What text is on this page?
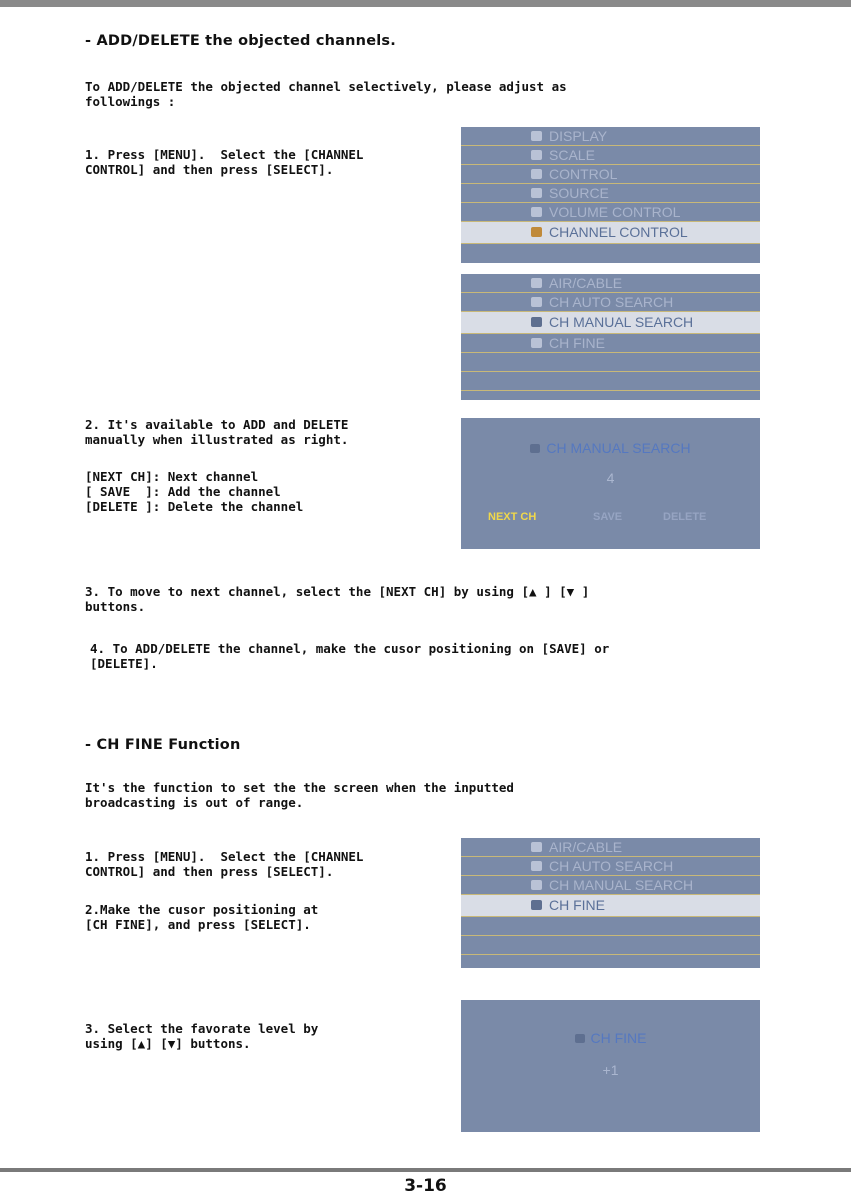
- ADD/DELETE the objected channels.
To ADD/DELETE the objected channel selectively, please adjust as
followings :
1. Press [MENU].  Select the [CHANNEL
CONTROL] and then press [SELECT].
DISPLAY
SCALE
CONTROL
SOURCE
VOLUME CONTROL
CHANNEL CONTROL
AIR/CABLE
CH AUTO SEARCH
CH MANUAL SEARCH
CH FINE
2. It's available to ADD and DELETE
manually when illustrated as right.
[NEXT CH]: Next channel
[ SAVE  ]: Add the channel
[DELETE ]: Delete the channel
CH MANUAL SEARCH
4
NEXT CH	SAVE	DELETE
3. To move to next channel, select the [NEXT CH] by using [▲ ] [▼ ]
buttons.
4. To ADD/DELETE the channel, make the cusor positioning on [SAVE] or
[DELETE].
- CH FINE Function
It's the function to set the the screen when the inputted
broadcasting is out of range.
1. Press [MENU].  Select the [CHANNEL
CONTROL] and then press [SELECT].
2.Make the cusor positioning at
[CH FINE], and press [SELECT].
AIR/CABLE
CH AUTO SEARCH
CH MANUAL SEARCH
CH FINE
3. Select the favorate level by
using [▲] [▼] buttons.	CH FINE
+1
3-16
